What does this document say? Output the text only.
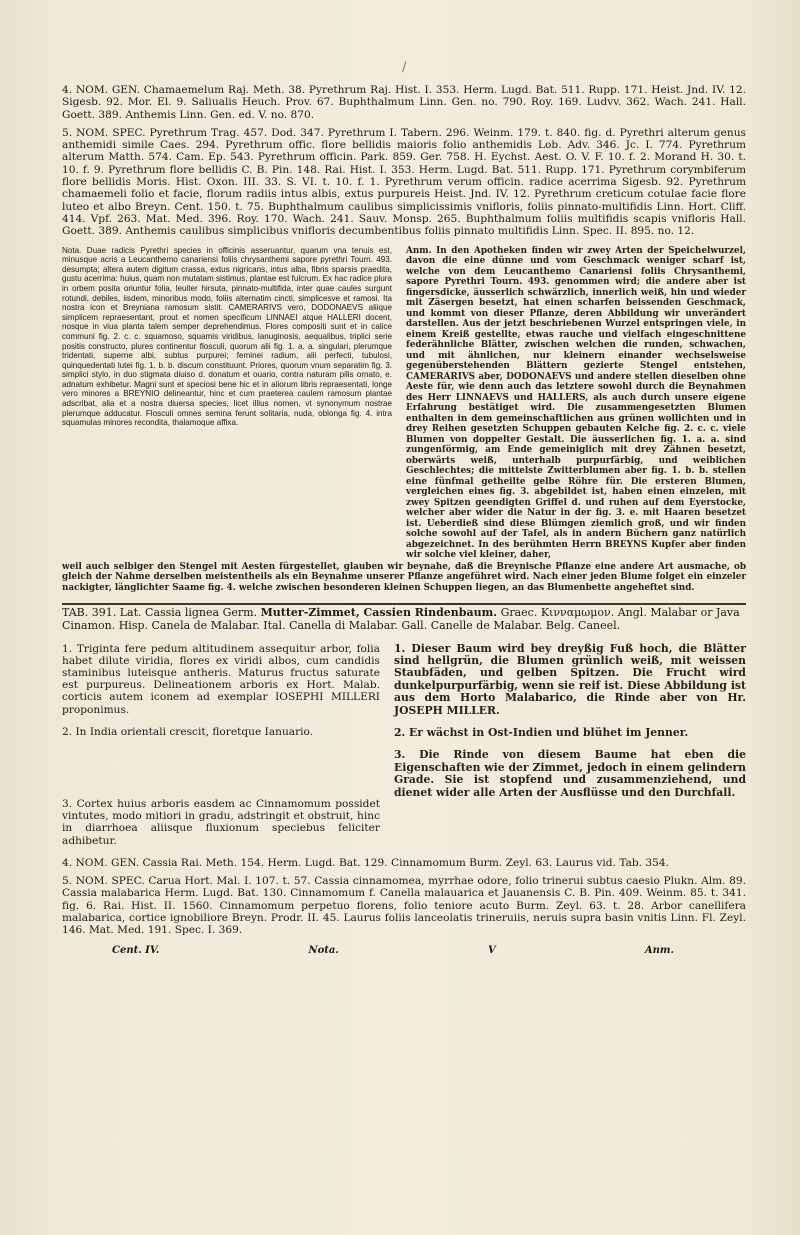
/

4. NOM. GEN. Chamaemelum Raj. Meth. 38. Pyrethrum Raj. Hist. I. 353. Herm. Lugd. Bat. 511. Rupp. 171. Heist. Jnd. IV. 12. Sigesb. 92. Mor. El. 9. Saliualis Heuch. Prov. 67. Buphthalmum Linn. Gen. no. 790. Roy. 169. Ludvv. 362. Wach. 241. Hall. Goett. 389. Anthemis Linn. Gen. ed. V. no. 870.

5. NOM. SPEC. Pyrethrum Trag. 457. Dod. 347. Pyrethrum I. Tabern. 296. Weinm. 179. t. 840. fig. d. Pyrethri alterum genus anthemidi simile Caes. 294. Pyrethrum offic. flore bellidis maioris folio anthemidis Lob. Adv. 346. Jc. I. 774. Pyrethrum alterum Matth. 574. Cam. Ep. 543. Pyrethrum officin. Park. 859. Ger. 758. H. Eychst. Aest. O. V. F. 10. f. 2. Morand H. 30. t. 10. f. 9. Pyrethrum flore bellidis C. B. Pin. 148. Rai. Hist. I. 353. Herm. Lugd. Bat. 511. Rupp. 171. Pyrethrum corymbiferum flore bellidis Moris. Hist. Oxon. III. 33. S. VI. t. 10. f. 1. Pyrethrum verum officin. radice acerrima Sigesb. 92. Pyrethrum chamaemeli folio et facie, florum radiis intus albis, extus purpureis Heist. Jnd. IV. 12. Pyrethrum creticum cotulae facie flore luteo et albo Breyn. Cent. 150. t. 75. Buphthalmum caulibus simplicissimis vnifloris, foliis pinnato-multifidis Linn. Hort. Cliff. 414. Vpf. 263. Mat. Med. 396. Roy. 170. Wach. 241. Sauv. Monsp. 265. Buphthalmum foliis multifidis scapis vnifloris Hall. Goett. 389. Anthemis caulibus simplicibus vnifloris decumbentibus foliis pinnato multifidis Linn. Spec. II. 895. no. 12.

Nota. Duae radicis Pyrethri species in officinis asseruantur, quarum vna tenuis est, minusque acris a Leucanthemo canariensi foliis chrysanthemi sapore pyrethri Tourn. 493. desumpta; altera autem digitum crassa, extus nigricans, intus alba, fibris sparsis praedita, gustu acerrima: huius, quam non mutatam sistimus, plantae est fulcrum. Ex hac radice plura in orbem posita oriuntur folia, leuiter hirsuta, pinnato-multifida, inter quae caules surgunt rotundi, debiles, iisdem, minoribus modo, foliis alternatim cincti, simplicesve et ramosi. Ita nostra icon et Breyniana ramosum sistit. CAMERARIVS vero, DODONAEVS aliique simplicem repraesentant, prout et nomen specificum LINNAEI atque HALLERI docent, nosque in viua planta talem semper deprehendimus. Flores compositi sunt et in calice communi fig. 2. c. c. squamoso, squamis viridibus, lanuginosis, aequalibus, triplici serie positis constructo, plures continentur flosculi, quorum alii fig. 1. a. a. singulari, plerumque tridentati, superne albi, subtus purpurei; feminei radium, alii perfecti, tubulosi, quinquedentati lutei fig. 1. b. b. discum constituunt. Priores, quorum vnum separatim fig. 3. simplici stylo, in duo stigmata diuiso d. donatum et ouario, contra naturam pilis ornato, e. adnatum exhibetur. Magni sunt et speciosi bene hic et in aliorum libris repraesentati, longe vero minores a BREYNIO delineantur, hinc et cum praeterea caulem ramosum plantae adscribat, alia et a nostra diuersa species, licet illius nomen, vt synonymum nostrae plerumque adducatur. Flosculi omnes semina ferunt solitaria, nuda, oblonga fig. 4. intra squamulas minores recondita, thalamoque affixa.

Anm. In den Apotheken finden wir zwey Arten der Speichelwurzel, davon die eine dünne und vom Geschmack weniger scharf ist, welche von dem Leucanthemo Canariensi foliis Chrysanthemi, sapore Pyrethri Tourn. 493. genommen wird; die andere aber ist fingersdicke, äusserlich schwärzlich, innerlich weiß, hin und wieder mit Zäsergen besetzt, hat einen scharfen beissenden Geschmack, und kommt von dieser Pflanze, deren Abbildung wir unverändert darstellen. Aus der jetzt beschriebenen Wurzel entspringen viele, in einem Kreiß gestellte, etwas rauche und vielfach eingeschnittene federähnliche Blätter, zwischen welchen die runden, schwachen, und mit ähnlichen, nur kleinern einander wechselsweise gegenüberstehenden Blättern gezierte Stengel entstehen, CAMERARIVS aber, DODONAEVS und andere stellen dieselben ohne Aeste für, wie denn auch das letztere sowohl durch die Beynahmen des Herr LINNAEVS und HALLERS, als auch durch unsere eigene Erfahrung bestätiget wird. Die zusammengesetzten Blumen enthalten in dem gemeinschaftlichen aus grünen wollichten und in drey Reihen gesetzten Schuppen gebauten Kelche fig. 2. c. c. viele Blumen von doppelter Gestalt. Die äusserlichen fig. 1. a. a. sind zungenförmig, am Ende gemeiniglich mit drey Zähnen besetzt, oberwärts weiß, unterhalb purpurfärbig, und weiblichen Geschlechtes; die mittelste Zwitterblumen aber fig. 1. b. b. stellen eine fünfmal getheilte gelbe Röhre für. Die ersteren Blumen, vergleichen eines fig. 3. abgebildet ist, haben einen einzelen, mit zwey Spitzen geendigten Griffel d. und ruhen auf dem Eyerstocke, welcher aber wider die Natur in der fig. 3. e. mit Haaren besetzet ist. Ueberdieß sind diese Blümgen ziemlich groß, und wir finden solche sowohl auf der Tafel, als in andern Büchern ganz natürlich abgezeichnet. In des berühmten Herrn BREYNS Kupfer aber finden wir solche viel kleiner, daher,

weil auch selbiger den Stengel mit Aesten fürgestellet, glauben wir beynahe, daß die Breynische Pflanze eine andere Art ausmache, ob gleich der Nahme derselben meistentheils als ein Beynahme unserer Pflanze angeführet wird. Nach einer jeden Blume folget ein einzeler nackigter, länglichter Saame fig. 4. welche zwischen besonderen kleinen Schuppen liegen, an das Blumenbette angeheftet sind.

TAB. 391. Lat. Cassia lignea Germ. Mutter-Zimmet, Cassien Rindenbaum. Graec. Κινναμωμον. Angl. Malabar or Java Cinamon. Hisp. Canela de Malabar. Ital. Canella di Malabar. Gall. Canelle de Malabar. Belg. Caneel.

1. Triginta fere pedum altitudinem assequitur arbor, folia habet dilute viridia, flores ex viridi albos, cum candidis staminibus luteisque antheris. Maturus fructus saturate est purpureus. Delineationem arboris ex Hort. Malab. corticis autem iconem ad exemplar IOSEPHI MILLERI proponimus.

2. In India orientali crescit, floretque Ianuario.

3. Cortex huius arboris easdem ac Cinnamomum possidet vintutes, modo mitiori in gradu, adstringit et obstruit, hinc in diarrhoea aliisque fluxionum speciebus feliciter adhibetur.

1. Dieser Baum wird bey dreyßig Fuß hoch, die Blätter sind hellgrün, die Blumen grünlich weiß, mit weissen Staubfäden, und gelben Spitzen. Die Frucht wird dunkelpurpurfärbig, wenn sie reif ist. Diese Abbildung ist aus dem Horto Malabarico, die Rinde aber von Hr. JOSEPH MILLER.

2. Er wächst in Ost-Indien und blühet im Jenner.

3. Die Rinde von diesem Baume hat eben die Eigenschaften wie der Zimmet, jedoch in einem gelindern Grade. Sie ist stopfend und zusammenziehend, und dienet wider alle Arten der Ausflüsse und den Durchfall.

4. NOM. GEN. Cassia Rai. Meth. 154. Herm. Lugd. Bat. 129. Cinnamomum Burm. Zeyl. 63. Laurus vid. Tab. 354.

5. NOM. SPEC. Carua Hort. Mal. I. 107. t. 57. Cassia cinnamomea, myrrhae odore, folio trinerui subtus caesio Plukn. Alm. 89. Cassia malabarica Herm. Lugd. Bat. 130. Cinnamomum f. Canella malauarica et Jauanensis C. B. Pin. 409. Weinm. 85. t. 341. fig. 6. Rai. Hist. II. 1560. Cinnamomum perpetuo florens, folio teniore acuto Burm. Zeyl. 63. t. 28. Arbor canellifera malabarica, cortice ignobiliore Breyn. Prodr. II. 45. Laurus foliis lanceolatis trineruiis, neruis supra basin vnitis Linn. Fl. Zeyl. 146. Mat. Med. 191. Spec. I. 369.

Cent. IV.	Nota.	V	Anm.
